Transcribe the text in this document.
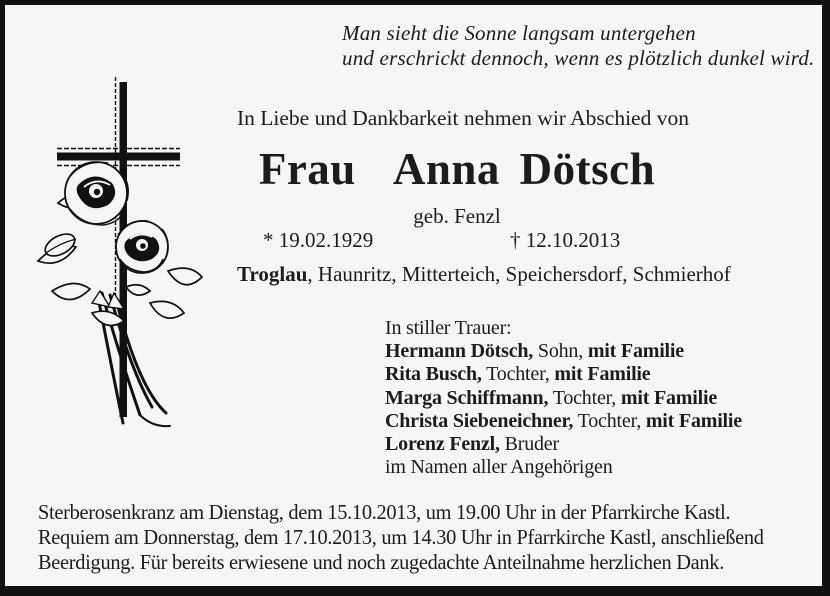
Man sieht die Sonne langsam untergehen
und erschrickt dennoch, wenn es plötzlich dunkel wird.
In Liebe und Dankbarkeit nehmen wir Abschied von
Frau  Anna Dötsch
geb. Fenzl
* 19.02.1929	† 12.10.2013
Troglau, Haunritz, Mitterteich, Speichersdorf, Schmierhof
In stiller Trauer:
Hermann Dötsch, Sohn, mit Familie
Rita Busch, Tochter, mit Familie
Marga Schiffmann, Tochter, mit Familie
Christa Siebeneichner, Tochter, mit Familie
Lorenz Fenzl, Bruder
im Namen aller Angehörigen
Sterberosenkranz am Dienstag, dem 15.10.2013, um 19.00 Uhr in der Pfarrkirche Kastl.
Requiem am Donnerstag, dem 17.10.2013, um 14.30 Uhr in Pfarrkirche Kastl, anschließend
Beerdigung. Für bereits erwiesene und noch zugedachte Anteilnahme herzlichen Dank.
